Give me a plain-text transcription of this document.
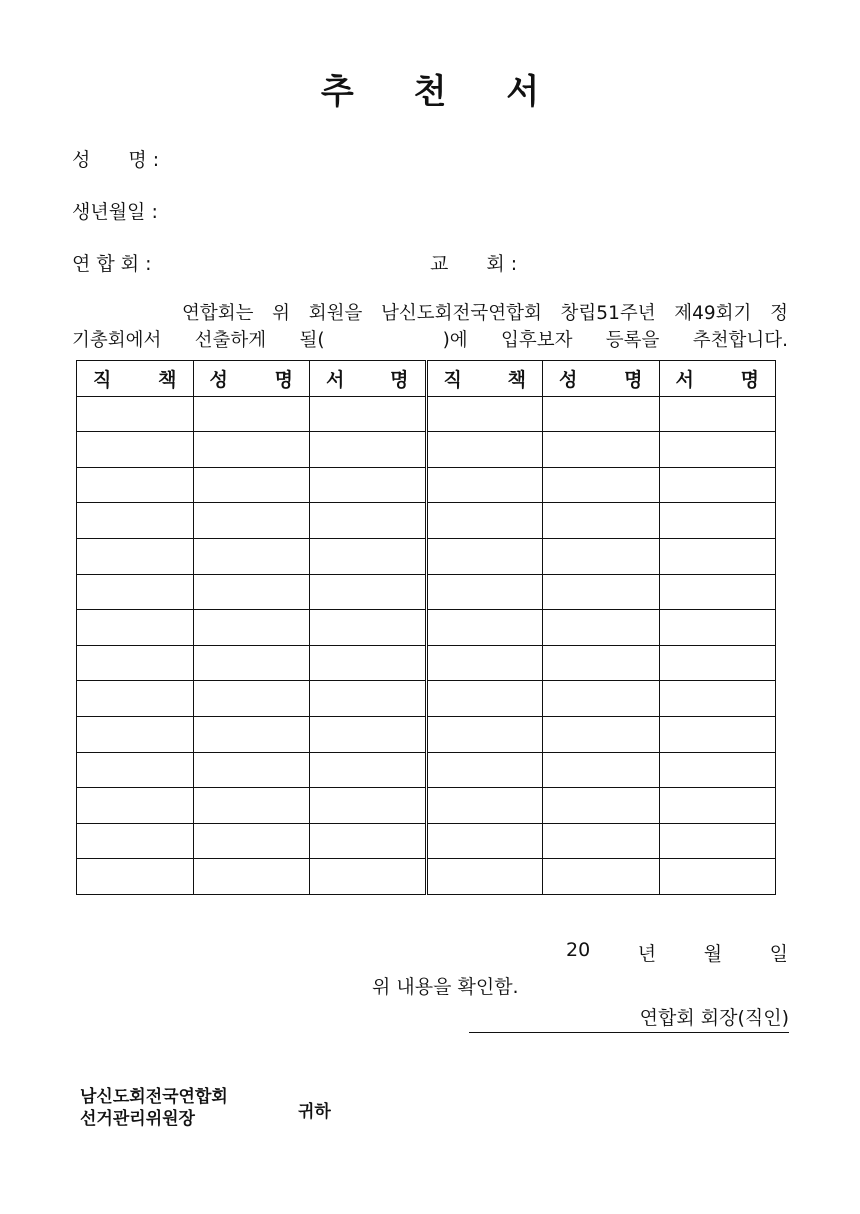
추 천 서
성　　명 :
생년월일 :
연 합 회 :	교　　회 :
연합회는 위 회원을 남신도회전국연합회 창립51주년 제49회기 정
기총회에서 선출하게 될(	)에 입후보자 등록을 추천합니다.
직 책	성 명	서 명	직 책	성 명	서 명

20	년	월	일
위 내용을 확인함.
연합회 회장(직인)
남신도회전국연합회
선거관리위원장	귀하
